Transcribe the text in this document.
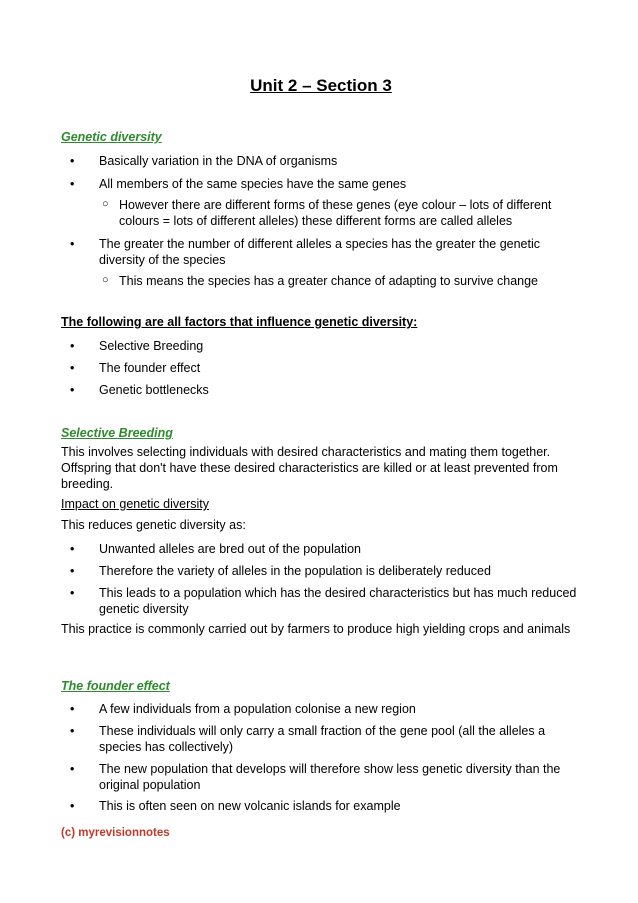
Unit 2 – Section 3
Genetic diversity
• Basically variation in the DNA of organisms
• All members of the same species have the same genes
○ However there are different forms of these genes (eye colour – lots of different colours = lots of different alleles) these different forms are called alleles
• The greater the number of different alleles a species has the greater the genetic diversity of the species
○ This means the species has a greater chance of adapting to survive change
The following are all factors that influence genetic diversity:
• Selective Breeding
• The founder effect
• Genetic bottlenecks
Selective Breeding
This involves selecting individuals with desired characteristics and mating them together. Offspring that don't have these desired characteristics are killed or at least prevented from breeding.
Impact on genetic diversity
This reduces genetic diversity as:
• Unwanted alleles are bred out of the population
• Therefore the variety of alleles in the population is deliberately reduced
• This leads to a population which has the desired characteristics but has much reduced genetic diversity
This practice is commonly carried out by farmers to produce high yielding crops and animals
The founder effect
• A few individuals from a population colonise a new region
• These individuals will only carry a small fraction of the gene pool (all the alleles a species has collectively)
• The new population that develops will therefore show less genetic diversity than the original population
• This is often seen on new volcanic islands for example
(c) myrevisionnotes
